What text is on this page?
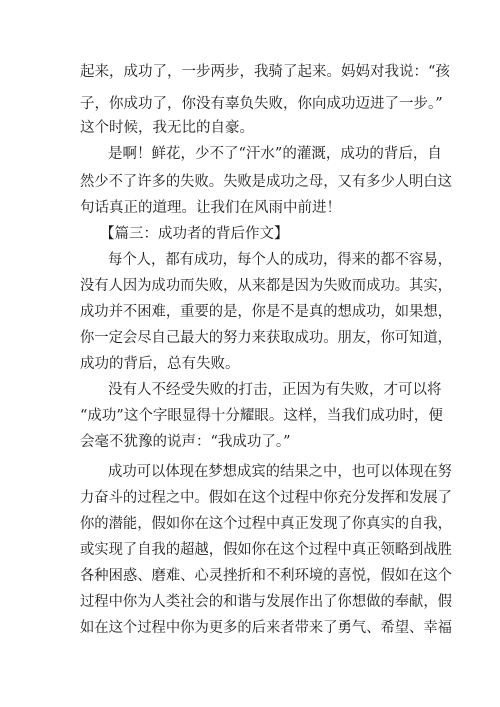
起来，成功了，一步两步，我骑了起来。妈妈对我说：“孩
子，你成功了，你没有辜负失败，你向成功迈进了一步。”
这个时候，我无比的自豪。
是啊！鲜花，少不了“汗水”的灌溉，成功的背后，自
然少不了许多的失败。失败是成功之母，又有多少人明白这
句话真正的道理。让我们在风雨中前进！
【篇三：成功者的背后作文】
每个人，都有成功，每个人的成功，得来的都不容易，
没有人因为成功而失败，从来都是因为失败而成功。其实，
成功并不困难，重要的是，你是不是真的想成功，如果想，
你一定会尽自己最大的努力来获取成功。朋友，你可知道，
成功的背后，总有失败。
没有人不经受失败的打击，正因为有失败，才可以将
“成功”这个字眼显得十分耀眼。这样，当我们成功时，便
会毫不犹豫的说声：“我成功了。”
成功可以体现在梦想成宾的结果之中，也可以体现在努
力奋斗的过程之中。假如在这个过程中你充分发挥和发展了
你的潜能，假如你在这个过程中真正发现了你真实的自我，
或实现了自我的超越，假如你在这个过程中真正领略到战胜
各种困惑、磨难、心灵挫折和不利环境的喜悦，假如在这个
过程中你为人类社会的和谐与发展作出了你想做的奉献，假
如在这个过程中你为更多的后来者带来了勇气、希望、幸福
